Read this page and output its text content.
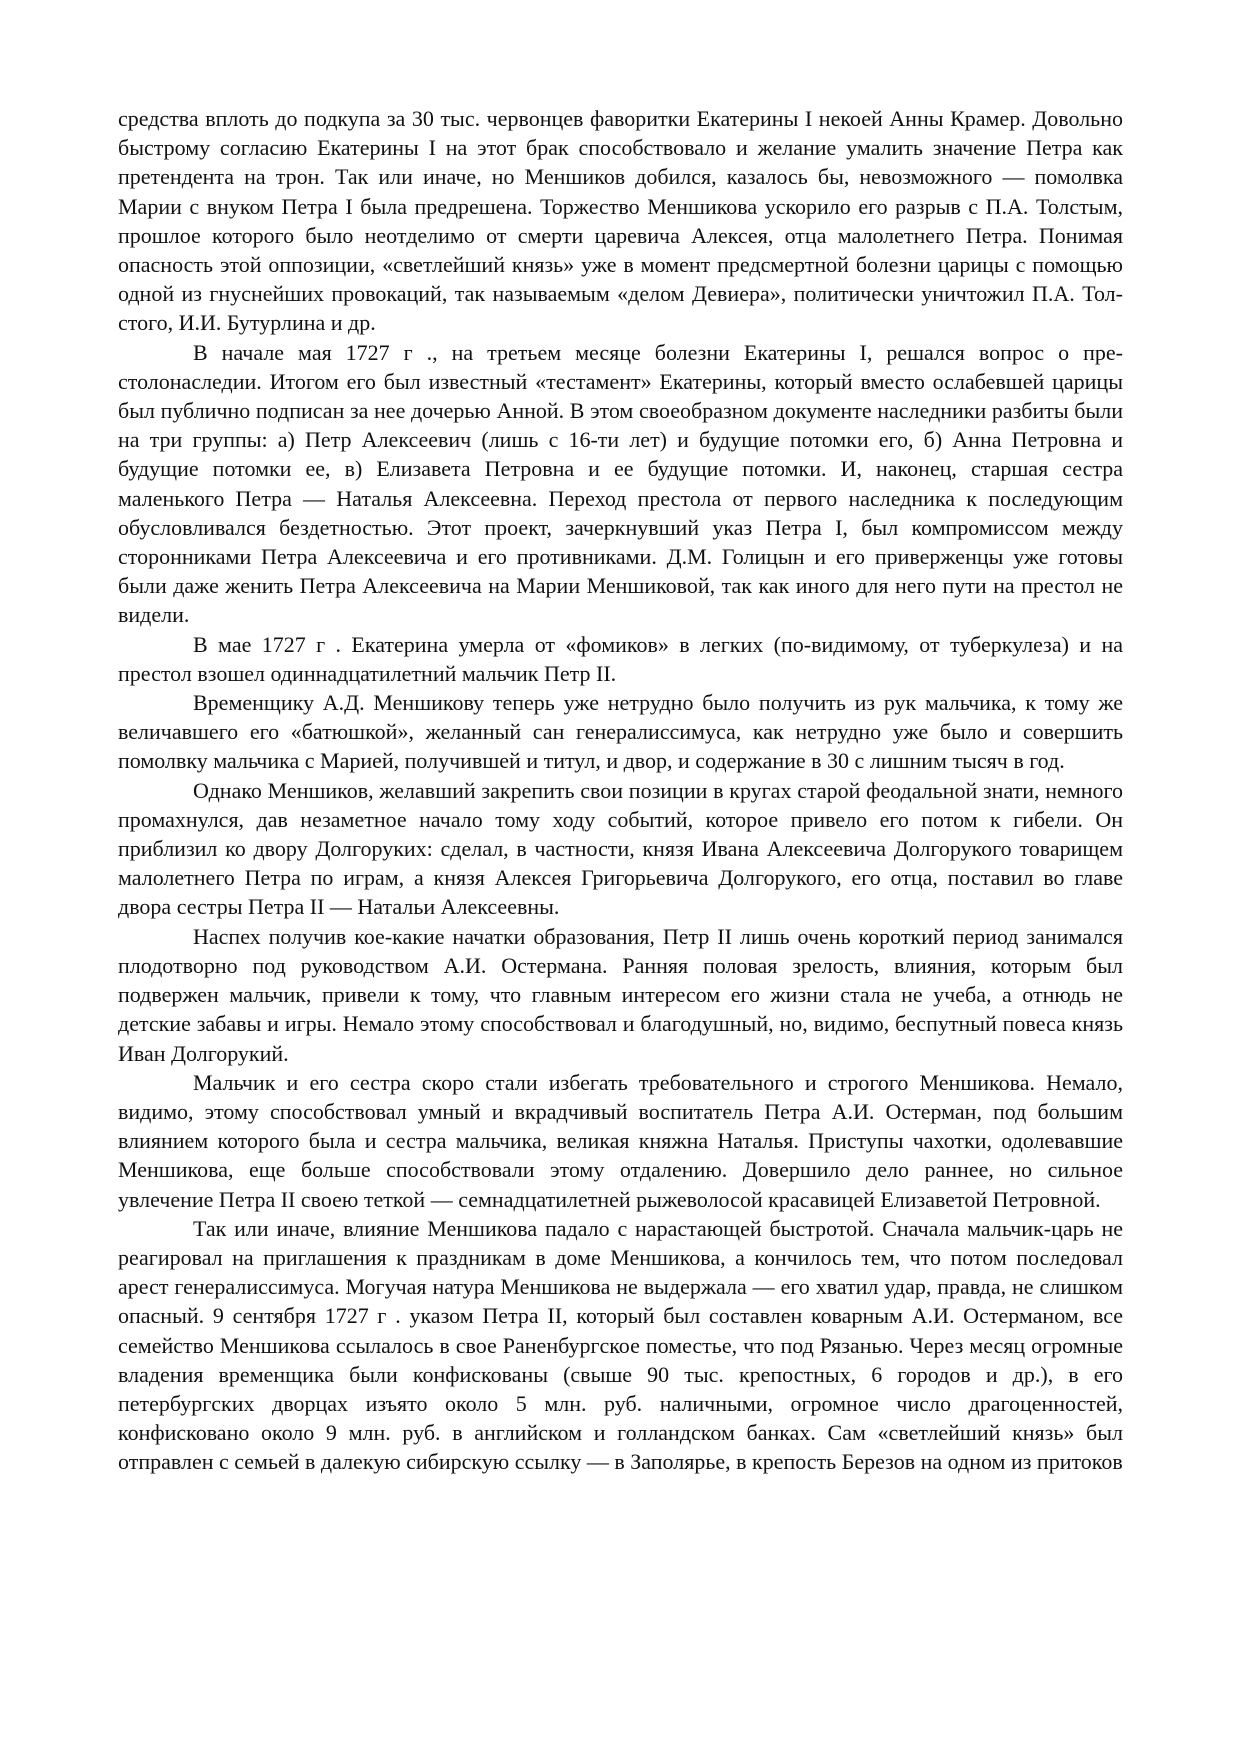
средства вплоть до подкупа за 30 тыс. червонцев фаворитки Екатерины I некоей Анны Крамер. Довольно быстрому согласию Екатерины I на этот брак способствовало и желание умалить значение Петра как претендента на трон. Так или иначе, но Меншиков добился, казалось бы, невозможного — помолвка Марии с внуком Петра I была предрешена. Торжество Меншикова ускорило его разрыв с П.А. Толстым, прошлое которого было неотделимо от смерти царевича Алексея, отца малолетнего Петра. Понимая опасность этой оппозиции, «светлейший князь» уже в момент предсмертной болезни царицы с помощью одной из гнуснейших провокаций, так называемым «делом Девиера», политически уничтожил П.А. Толстого, И.И. Бутурлина и др.

В начале мая 1727 г ., на третьем месяце болезни Екатерины I, решался вопрос о престолонаследии. Итогом его был известный «тестамент» Екатерины, который вместо ослабевшей царицы был публично подписан за нее дочерью Анной. В этом своеобразном документе наследники разбиты были на три группы: а) Петр Алексеевич (лишь с 16-ти лет) и будущие потомки его, б) Анна Петровна и будущие потомки ее, в) Елизавета Петровна и ее будущие потомки. И, наконец, старшая сестра маленького Петра — Наталья Алексеевна. Переход престола от первого наследника к последующим обусловливался бездетностью. Этот проект, зачеркнувший указ Петра I, был компромиссом между сторонниками Петра Алексеевича и его противниками. Д.М. Голицын и его приверженцы уже готовы были даже женить Петра Алексеевича на Марии Меншиковой, так как иного для него пути на престол не видели.

В мае 1727 г . Екатерина умерла от «фомиков» в легких (по-видимому, от туберкулеза) и на престол взошел одиннадцатилетний мальчик Петр II.

Временщику А.Д. Меншикову теперь уже нетрудно было получить из рук мальчика, к тому же величавшего его «батюшкой», желанный сан генералиссимуса, как нетрудно уже было и совершить помолвку мальчика с Марией, получившей и титул, и двор, и содержание в 30 с лишним тысяч в год.

Однако Меншиков, желавший закрепить свои позиции в кругах старой феодальной знати, немного промахнулся, дав незаметное начало тому ходу событий, которое привело его потом к гибели. Он приблизил ко двору Долгоруких: сделал, в частности, князя Ивана Алексеевича Долгорукого товарищем малолетнего Петра по играм, а князя Алексея Григорьевича Долгорукого, его отца, поставил во главе двора сестры Петра II — Натальи Алексеевны.

Наспех получив кое-какие начатки образования, Петр II лишь очень короткий период занимался плодотворно под руководством А.И. Остермана. Ранняя половая зрелость, влияния, которым был подвержен мальчик, привели к тому, что главным интересом его жизни стала не учеба, а отнюдь не детские забавы и игры. Немало этому способствовал и благодушный, но, видимо, беспутный повеса князь Иван Долгорукий.

Мальчик и его сестра скоро стали избегать требовательного и строгого Меншикова. Немало, видимо, этому способствовал умный и вкрадчивый воспитатель Петра А.И. Остерман, под большим влиянием которого была и сестра мальчика, великая княжна Наталья. Приступы чахотки, одолевавшие Меншикова, еще больше способствовали этому отдалению. Довершило дело раннее, но сильное увлечение Петра II своею теткой — семнадцатилетней рыжеволосой красавицей Елизаветой Петровной.

Так или иначе, влияние Меншикова падало с нарастающей быстротой. Сначала мальчик-царь не реагировал на приглашения к праздникам в доме Меншикова, а кончилось тем, что потом последовал арест генералиссимуса. Могучая натура Меншикова не выдержала — его хватил удар, правда, не слишком опасный. 9 сентября 1727 г . указом Петра II, который был составлен коварным А.И. Остерманом, все семейство Меншикова ссылалось в свое Раненбургское поместье, что под Рязанью. Через месяц огромные владения временщика были конфискованы (свыше 90 тыс. крепостных, 6 городов и др.), в его петербургских дворцах изъято около 5 млн. руб. наличными, огромное число драгоценностей, конфисковано около 9 млн. руб. в английском и голландском банках. Сам «светлейший князь» был отправлен с семьей в далекую сибирскую ссылку — в Заполярье, в крепость Березов на одном из притоков
